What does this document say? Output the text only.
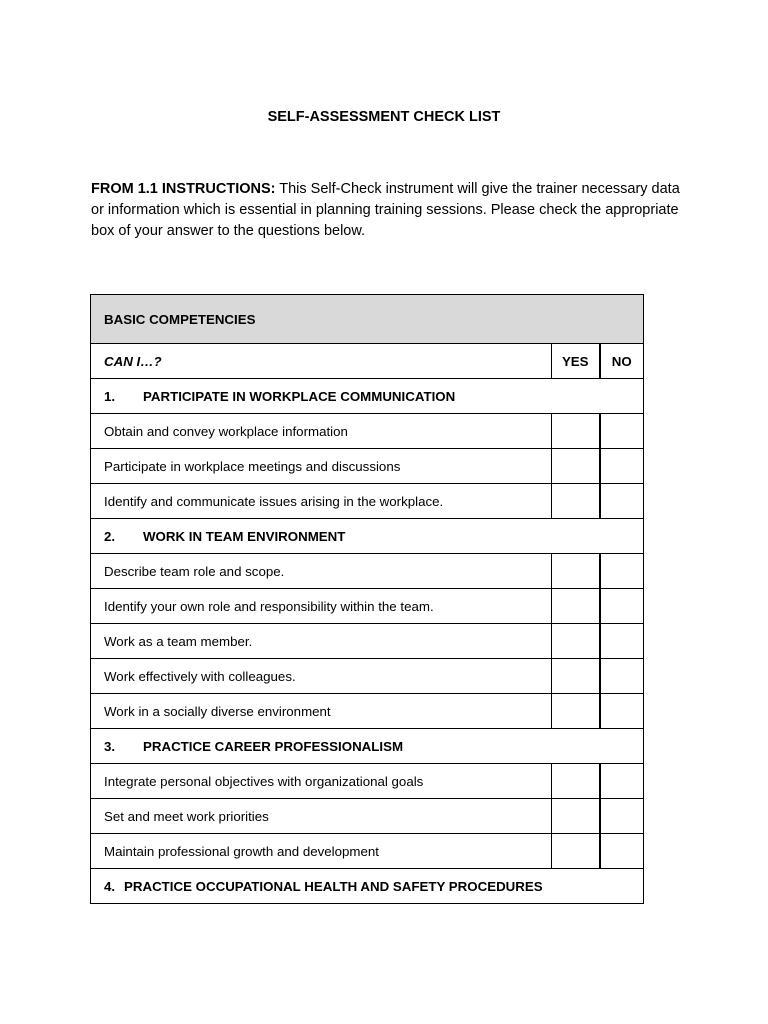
SELF-ASSESSMENT CHECK LIST
FROM 1.1 INSTRUCTIONS: This Self-Check instrument will give the trainer necessary data or information which is essential in planning training sessions. Please check the appropriate box of your answer to the questions below.
BASIC COMPETENCIES		
CAN I…?	YES	NO
1. PARTICIPATE IN WORKPLACE COMMUNICATION		
Obtain and convey workplace information		
Participate in workplace meetings and discussions		
Identify and communicate issues arising in the workplace.		
2. WORK IN TEAM ENVIRONMENT		
Describe team role and scope.		
Identify your own role and responsibility within the team.		
Work as a team member.		
Work effectively with colleagues.		
Work in a socially diverse environment		
3. PRACTICE CAREER PROFESSIONALISM		
Integrate personal objectives with organizational goals		
Set and meet work priorities		
Maintain professional growth and development		
4. PRACTICE OCCUPATIONAL HEALTH AND SAFETY PROCEDURES		
